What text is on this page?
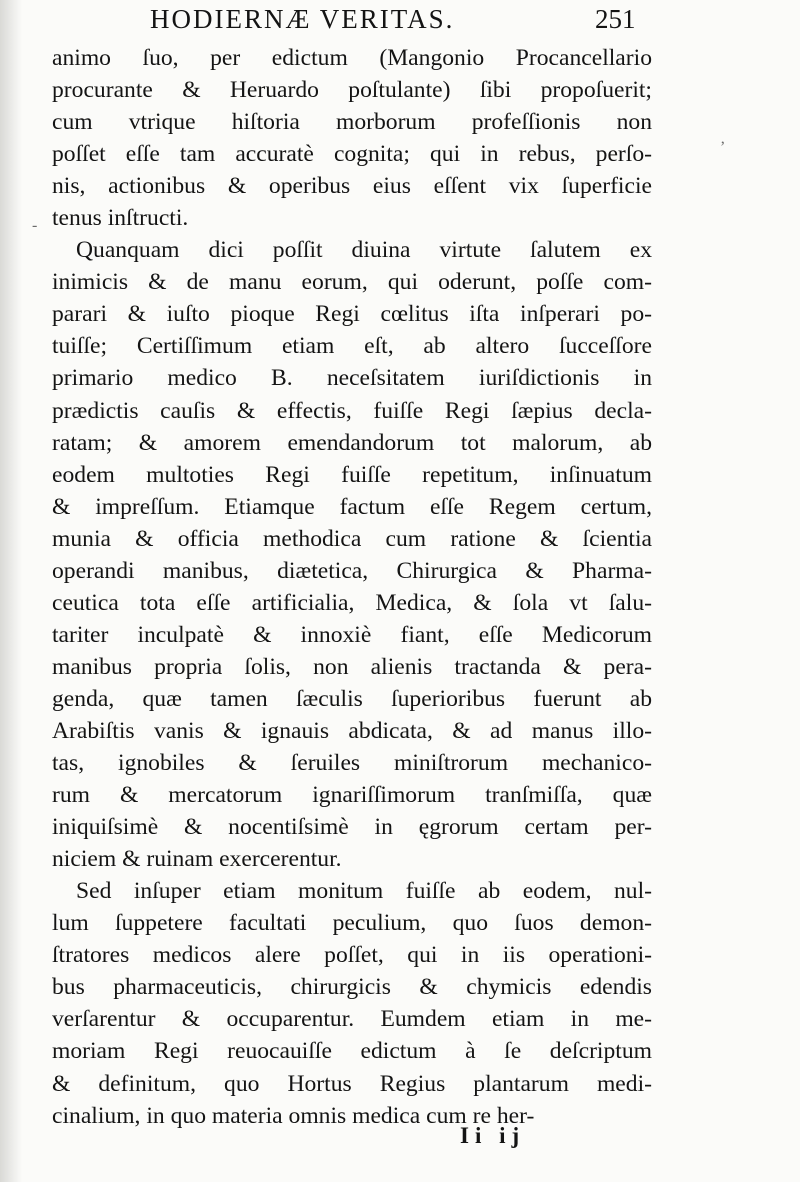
HODIERNÆ VERITAS.	251
-
’
animo ſuo, per edictum (Mangonio Procancellario
procurante & Heruardo poſtulante) ſibi propoſuerit;
cum vtrique hiſtoria morborum profeſſionis non
poſſet eſſe tam accuratè cognita; qui in rebus, perſo-
nis, actionibus & operibus eius eſſent vix ſuperficie
tenus inſtructi.
Quanquam dici poſſit diuina virtute ſalutem ex
inimicis & de manu eorum, qui oderunt, poſſe com-
parari & iuſto pioque Regi cœlitus iſta inſperari po-
tuiſſe; Certiſſimum etiam eſt, ab altero ſucceſſore
primario medico B. neceſsitatem iuriſdictionis in
prædictis cauſis & effectis, fuiſſe Regi ſæpius decla-
ratam; & amorem emendandorum tot malorum, ab
eodem multoties Regi fuiſſe repetitum, inſinuatum
& impreſſum. Etiamque factum eſſe Regem certum,
munia & officia methodica cum ratione & ſcientia
operandi manibus, diætetica, Chirurgica & Pharma-
ceutica tota eſſe artificialia, Medica, & ſola vt ſalu-
tariter inculpatè & innoxiè fiant, eſſe Medicorum
manibus propria ſolis, non alienis tractanda & pera-
genda, quæ tamen ſæculis ſuperioribus fuerunt ab
Arabiſtis vanis & ignauis abdicata, & ad manus illo-
tas, ignobiles & ſeruiles miniſtrorum mechanico-
rum & mercatorum ignariſſimorum tranſmiſſa, quæ
iniquiſsimè & nocentiſsimè in ęgrorum certam per-
niciem & ruinam exercerentur.
Sed inſuper etiam monitum fuiſſe ab eodem, nul-
lum ſuppetere facultati peculium, quo ſuos demon-
ſtratores medicos alere poſſet, qui in iis operationi-
bus pharmaceuticis, chirurgicis & chymicis edendis
verſarentur & occuparentur. Eumdem etiam in me-
moriam Regi reuocauiſſe edictum à ſe deſcriptum
& definitum, quo Hortus Regius plantarum medi-
cinalium, in quo materia omnis medica cum re her-
Ii ij
